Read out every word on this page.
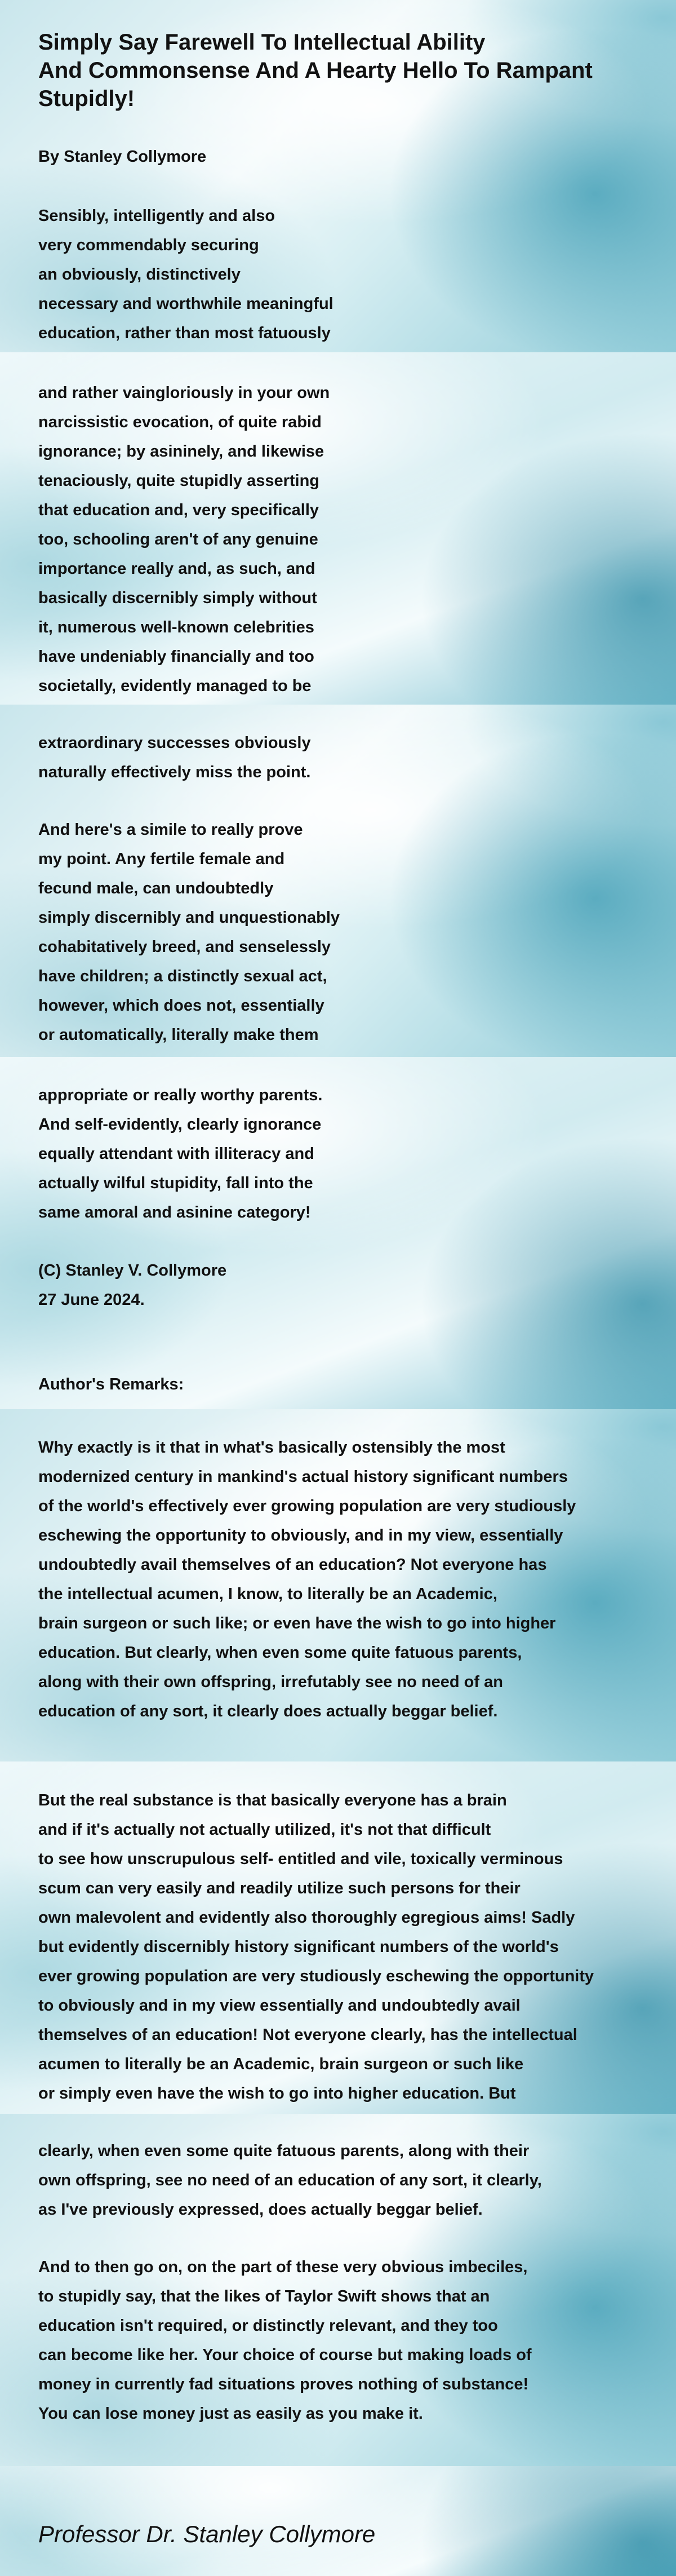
Simply Say Farewell To Intellectual Ability
And Commonsense And A Hearty Hello To Rampant
Stupidly!

By Stanley Collymore

Sensibly, intelligently and also
very commendably securing
an obviously, distinctively
necessary and worthwhile meaningful
education, rather than most fatuously

and rather vaingloriously in your own
narcissistic evocation, of quite rabid
ignorance; by asininely, and likewise
tenaciously, quite stupidly asserting
that education and, very specifically
too, schooling aren't of any genuine
importance really and, as such, and
basically discernibly simply without
it, numerous well-known celebrities
have undeniably financially and too
societally, evidently managed to be

extraordinary successes obviously
naturally effectively miss the point.

And here's a simile to really prove
my point. Any fertile female and
fecund male, can undoubtedly
simply discernibly and unquestionably
cohabitatively breed, and senselessly
have children; a distinctly sexual act,
however, which does not, essentially
or automatically, literally make them

appropriate or really worthy parents.
And self-evidently, clearly ignorance
equally attendant with illiteracy and
actually wilful stupidity, fall into the
same amoral and asinine category!

(C) Stanley V. Collymore
27 June 2024.

Author's Remarks:

Why exactly is it that in what's basically ostensibly the most
modernized century in mankind's actual history significant numbers
of the world's effectively ever growing population are very studiously
eschewing the opportunity to obviously, and in my view, essentially
undoubtedly avail themselves of an education? Not everyone has
the intellectual acumen, I know, to literally be an Academic,
brain surgeon or such like; or even have the wish to go into higher
education. But clearly, when even some quite fatuous parents,
along with their own offspring, irrefutably see no need of an
education of any sort, it clearly does actually beggar belief.

But the real substance is that basically everyone has a brain
and if it's actually not actually utilized, it's not that difficult
to see how unscrupulous self- entitled and vile, toxically verminous
scum can very easily and readily utilize such persons for their
own malevolent and evidently also thoroughly egregious aims! Sadly
but evidently discernibly history significant numbers of the world's
ever growing population are very studiously eschewing the opportunity
to obviously and in my view essentially and undoubtedly avail
themselves of an education! Not everyone clearly, has the intellectual
acumen to literally be an Academic, brain surgeon or such like
or simply even have the wish to go into higher education. But

clearly, when even some quite fatuous parents, along with their
own offspring, see no need of an education of any sort, it clearly,
as I've previously expressed, does actually beggar belief.

And to then go on, on the part of these very obvious imbeciles,
to stupidly say, that the likes of Taylor Swift shows that an
education isn't required, or distinctly relevant, and they too
can become like her. Your choice of course but making loads of
money in currently fad situations proves nothing of substance!
You can lose money just as easily as you make it.

Professor Dr. Stanley Collymore
